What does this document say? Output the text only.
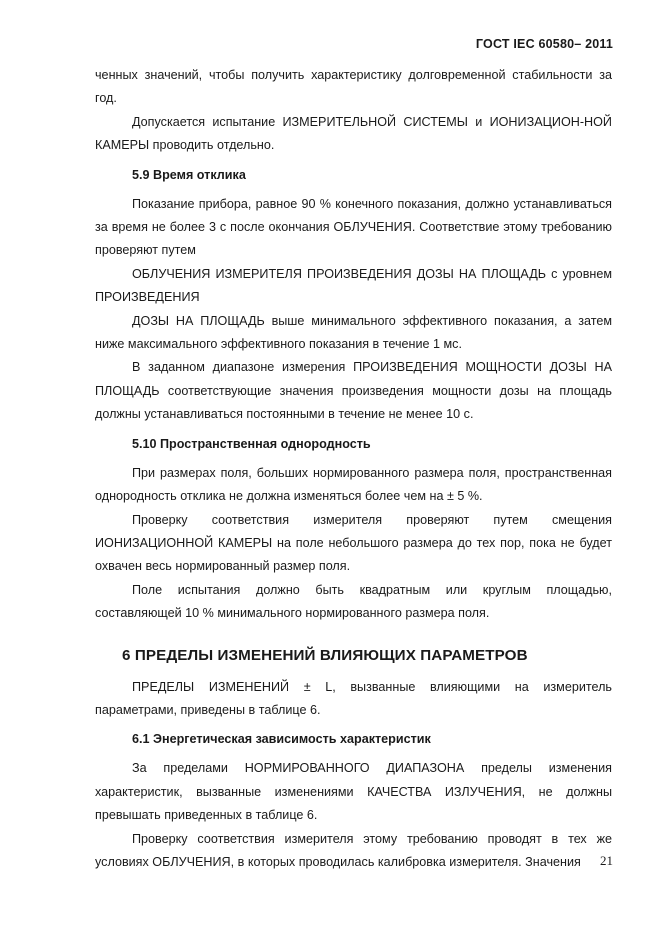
ГОСТ IEC 60580– 2011

ченных значений, чтобы получить характеристику долговременной стабильности за год.

Допускается испытание ИЗМЕРИТЕЛЬНОЙ СИСТЕМЫ и ИОНИЗАЦИОН-НОЙ КАМЕРЫ проводить отдельно.

5.9 Время отклика

Показание прибора, равное 90 % конечного показания, должно устанавливаться за время не более 3 с после окончания ОБЛУЧЕНИЯ. Соответствие этому требованию проверяют путем

ОБЛУЧЕНИЯ ИЗМЕРИТЕЛЯ ПРОИЗВЕДЕНИЯ ДОЗЫ НА ПЛОЩАДЬ с уровнем ПРОИЗВЕДЕНИЯ

ДОЗЫ НА ПЛОЩАДЬ выше минимального эффективного показания, а затем ниже максимального эффективного показания в течение 1 мс.

В заданном диапазоне измерения ПРОИЗВЕДЕНИЯ МОЩНОСТИ ДОЗЫ НА ПЛОЩАДЬ соответствующие значения произведения мощности дозы на площадь должны устанавливаться постоянными в течение не менее 10 с.

5.10 Пространственная однородность

При размерах поля, больших нормированного размера поля, пространственная однородность отклика не должна изменяться более чем на ± 5 %.

Проверку соответствия измерителя проверяют путем смещения ИОНИЗАЦИОННОЙ КАМЕРЫ на поле небольшого размера до тех пор, пока не будет охвачен весь нормированный размер поля.

Поле испытания должно быть квадратным или круглым площадью, составляющей 10 % минимального нормированного размера поля.

6 ПРЕДЕЛЫ ИЗМЕНЕНИЙ ВЛИЯЮЩИХ ПАРАМЕТРОВ

ПРЕДЕЛЫ ИЗМЕНЕНИЙ ± L, вызванные влияющими на измеритель параметрами, приведены в таблице 6.

6.1 Энергетическая зависимость характеристик

За пределами НОРМИРОВАННОГО ДИАПАЗОНА пределы изменения характеристик, вызванные изменениями КАЧЕСТВА ИЗЛУЧЕНИЯ, не должны превышать приведенных в таблице 6.

Проверку соответствия измерителя этому требованию проводят в тех же условиях ОБЛУЧЕНИЯ, в которых проводилась калибровка измерителя. Значения	21
